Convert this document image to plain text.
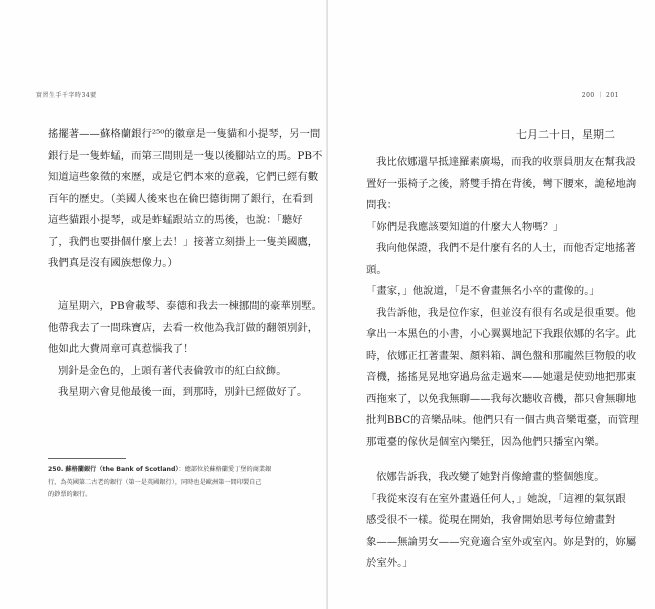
實習生手千字時34號

搖擺著——蘇格蘭銀行²⁵⁰的徽章是一隻貓和小提琴，另一間

銀行是一隻蚱蜢，而第三間則是一隻以後腳站立的馬。PB不

知道這些象徵的來歷，或是它們本來的意義，它們已經有數

百年的歷史。（美國人後來也在倫巴德街開了銀行，在看到

這些貓跟小提琴，或是蚱蜢跟站立的馬後，也說：「聽好

了，我們也要掛個什麼上去！」接著立刻掛上一隻美國鷹，

我們真是沒有國族想像力。）

這星期六，PB會載琴、泰德和我去一棟挪間的豪華別墅。

他帶我去了一間珠寶店，去看一枚他為我訂做的翻領別針，

他如此大費周章可真惹惱我了！

別針是金色的，上頭有著代表倫敦市的紅白紋飾。

我星期六會見他最後一面，到那時，別針已經做好了。

250. 蘇格蘭銀行（the Bank of Scotland）：總部位於蘇格蘭愛丁堡的商業銀

行，為英國第二古老的銀行（第一是英國銀行），同時也是歐洲第一間印製自己

的鈔票的銀行。

200 ｜ 201
七月二十日，星期二

我比依娜還早抵達羅素廣場，而我的收票員朋友在幫我設

置好一張椅子之後，將雙手揹在背後，彎下腰來，詭秘地詢

問我：

「妳們是我應該要知道的什麼大人物嗎？」

我向他保證，我們不是什麼有名的人士，而他否定地搖著

頭。

「畫家，」他說道，「是不會畫無名小卒的畫像的。」

我告訴他，我是位作家，但並沒有很有名或是很重要。他

拿出一本黑色的小書，小心翼翼地記下我跟依娜的名字。此

時，依娜正扛著畫架、顏料箱、調色盤和那龐然巨物般的收

音機，搖搖晃晃地穿過烏盆走過來——她還是使勁地把那東

西拖來了，以免我無聊——我每次聽收音機，都只會無聊地

批判BBC的音樂品味。他們只有一個古典音樂電臺，而管理

那電臺的傢伙是個室內樂狂，因為他們只播室內樂。

依娜告訴我，我改變了她對肖像繪畫的整個態度。

「我從來沒有在室外畫過任何人，」她說，「這裡的氣氛跟

感受很不一樣。從現在開始，我會開始思考每位繪畫對

象——無論男女——究竟適合室外或室內。妳是對的，妳屬

於室外。」
